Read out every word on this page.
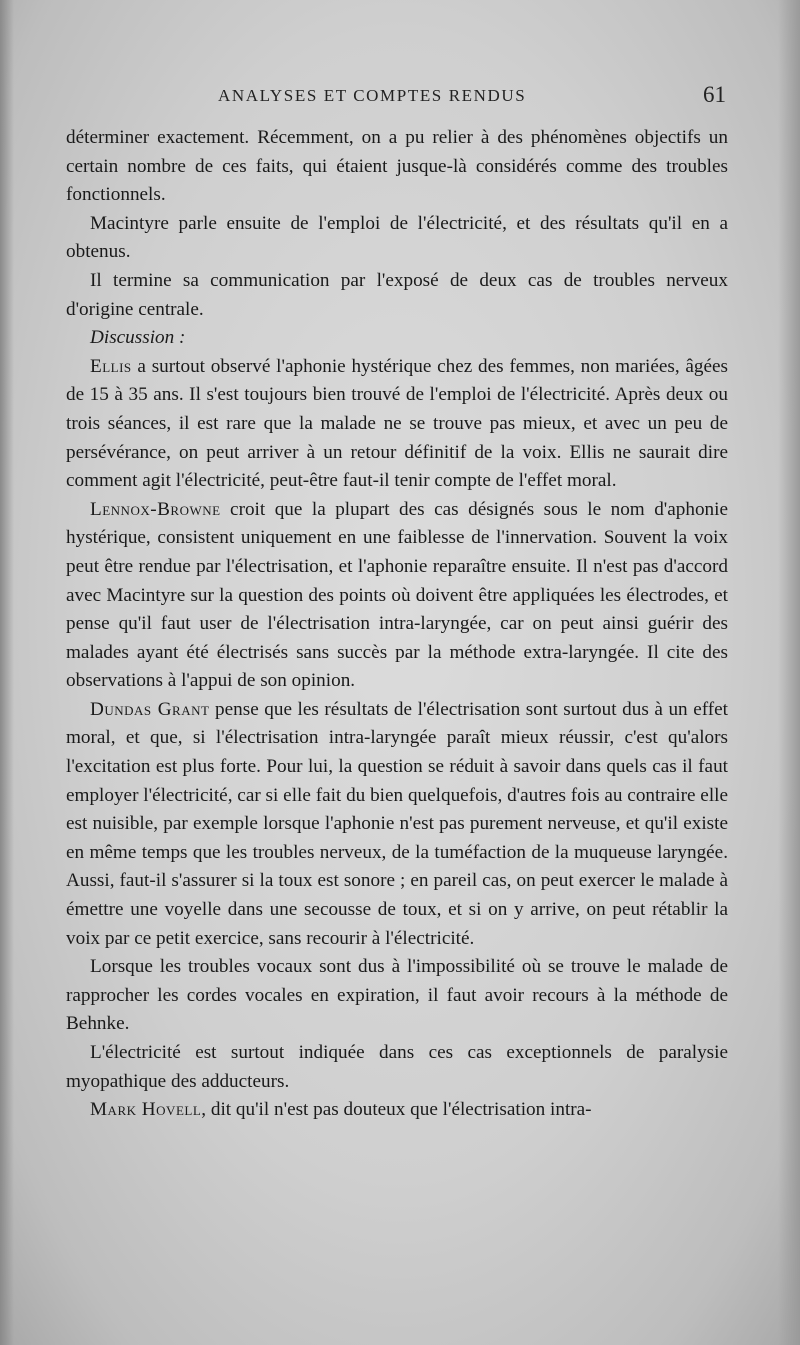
ANALYSES ET COMPTES RENDUS	61

déterminer exactement. Récemment, on a pu relier à des phénomènes objectifs un certain nombre de ces faits, qui étaient jusque-là considérés comme des troubles fonctionnels.

Macintyre parle ensuite de l'emploi de l'électricité, et des résultats qu'il en a obtenus.

Il termine sa communication par l'exposé de deux cas de troubles nerveux d'origine centrale.

Discussion :

Ellis a surtout observé l'aphonie hystérique chez des femmes, non mariées, âgées de 15 à 35 ans. Il s'est toujours bien trouvé de l'emploi de l'électricité. Après deux ou trois séances, il est rare que la malade ne se trouve pas mieux, et avec un peu de persévérance, on peut arriver à un retour définitif de la voix. Ellis ne saurait dire comment agit l'électricité, peut-être faut-il tenir compte de l'effet moral.

Lennox-Browne croit que la plupart des cas désignés sous le nom d'aphonie hystérique, consistent uniquement en une faiblesse de l'innervation. Souvent la voix peut être rendue par l'électrisation, et l'aphonie reparaître ensuite. Il n'est pas d'accord avec Macintyre sur la question des points où doivent être appliquées les électrodes, et pense qu'il faut user de l'électrisation intra-laryngée, car on peut ainsi guérir des malades ayant été électrisés sans succès par la méthode extra-laryngée. Il cite des observations à l'appui de son opinion.

Dundas Grant pense que les résultats de l'électrisation sont surtout dus à un effet moral, et que, si l'électrisation intra-laryngée paraît mieux réussir, c'est qu'alors l'excitation est plus forte. Pour lui, la question se réduit à savoir dans quels cas il faut employer l'électricité, car si elle fait du bien quelquefois, d'autres fois au contraire elle est nuisible, par exemple lorsque l'aphonie n'est pas purement nerveuse, et qu'il existe en même temps que les troubles nerveux, de la tuméfaction de la muqueuse laryngée. Aussi, faut-il s'assurer si la toux est sonore ; en pareil cas, on peut exercer le malade à émettre une voyelle dans une secousse de toux, et si on y arrive, on peut rétablir la voix par ce petit exercice, sans recourir à l'électricité.

Lorsque les troubles vocaux sont dus à l'impossibilité où se trouve le malade de rapprocher les cordes vocales en expiration, il faut avoir recours à la méthode de Behnke.

L'électricité est surtout indiquée dans ces cas exceptionnels de paralysie myopathique des adducteurs.

Mark Hovell, dit qu'il n'est pas douteux que l'électrisation intra-
